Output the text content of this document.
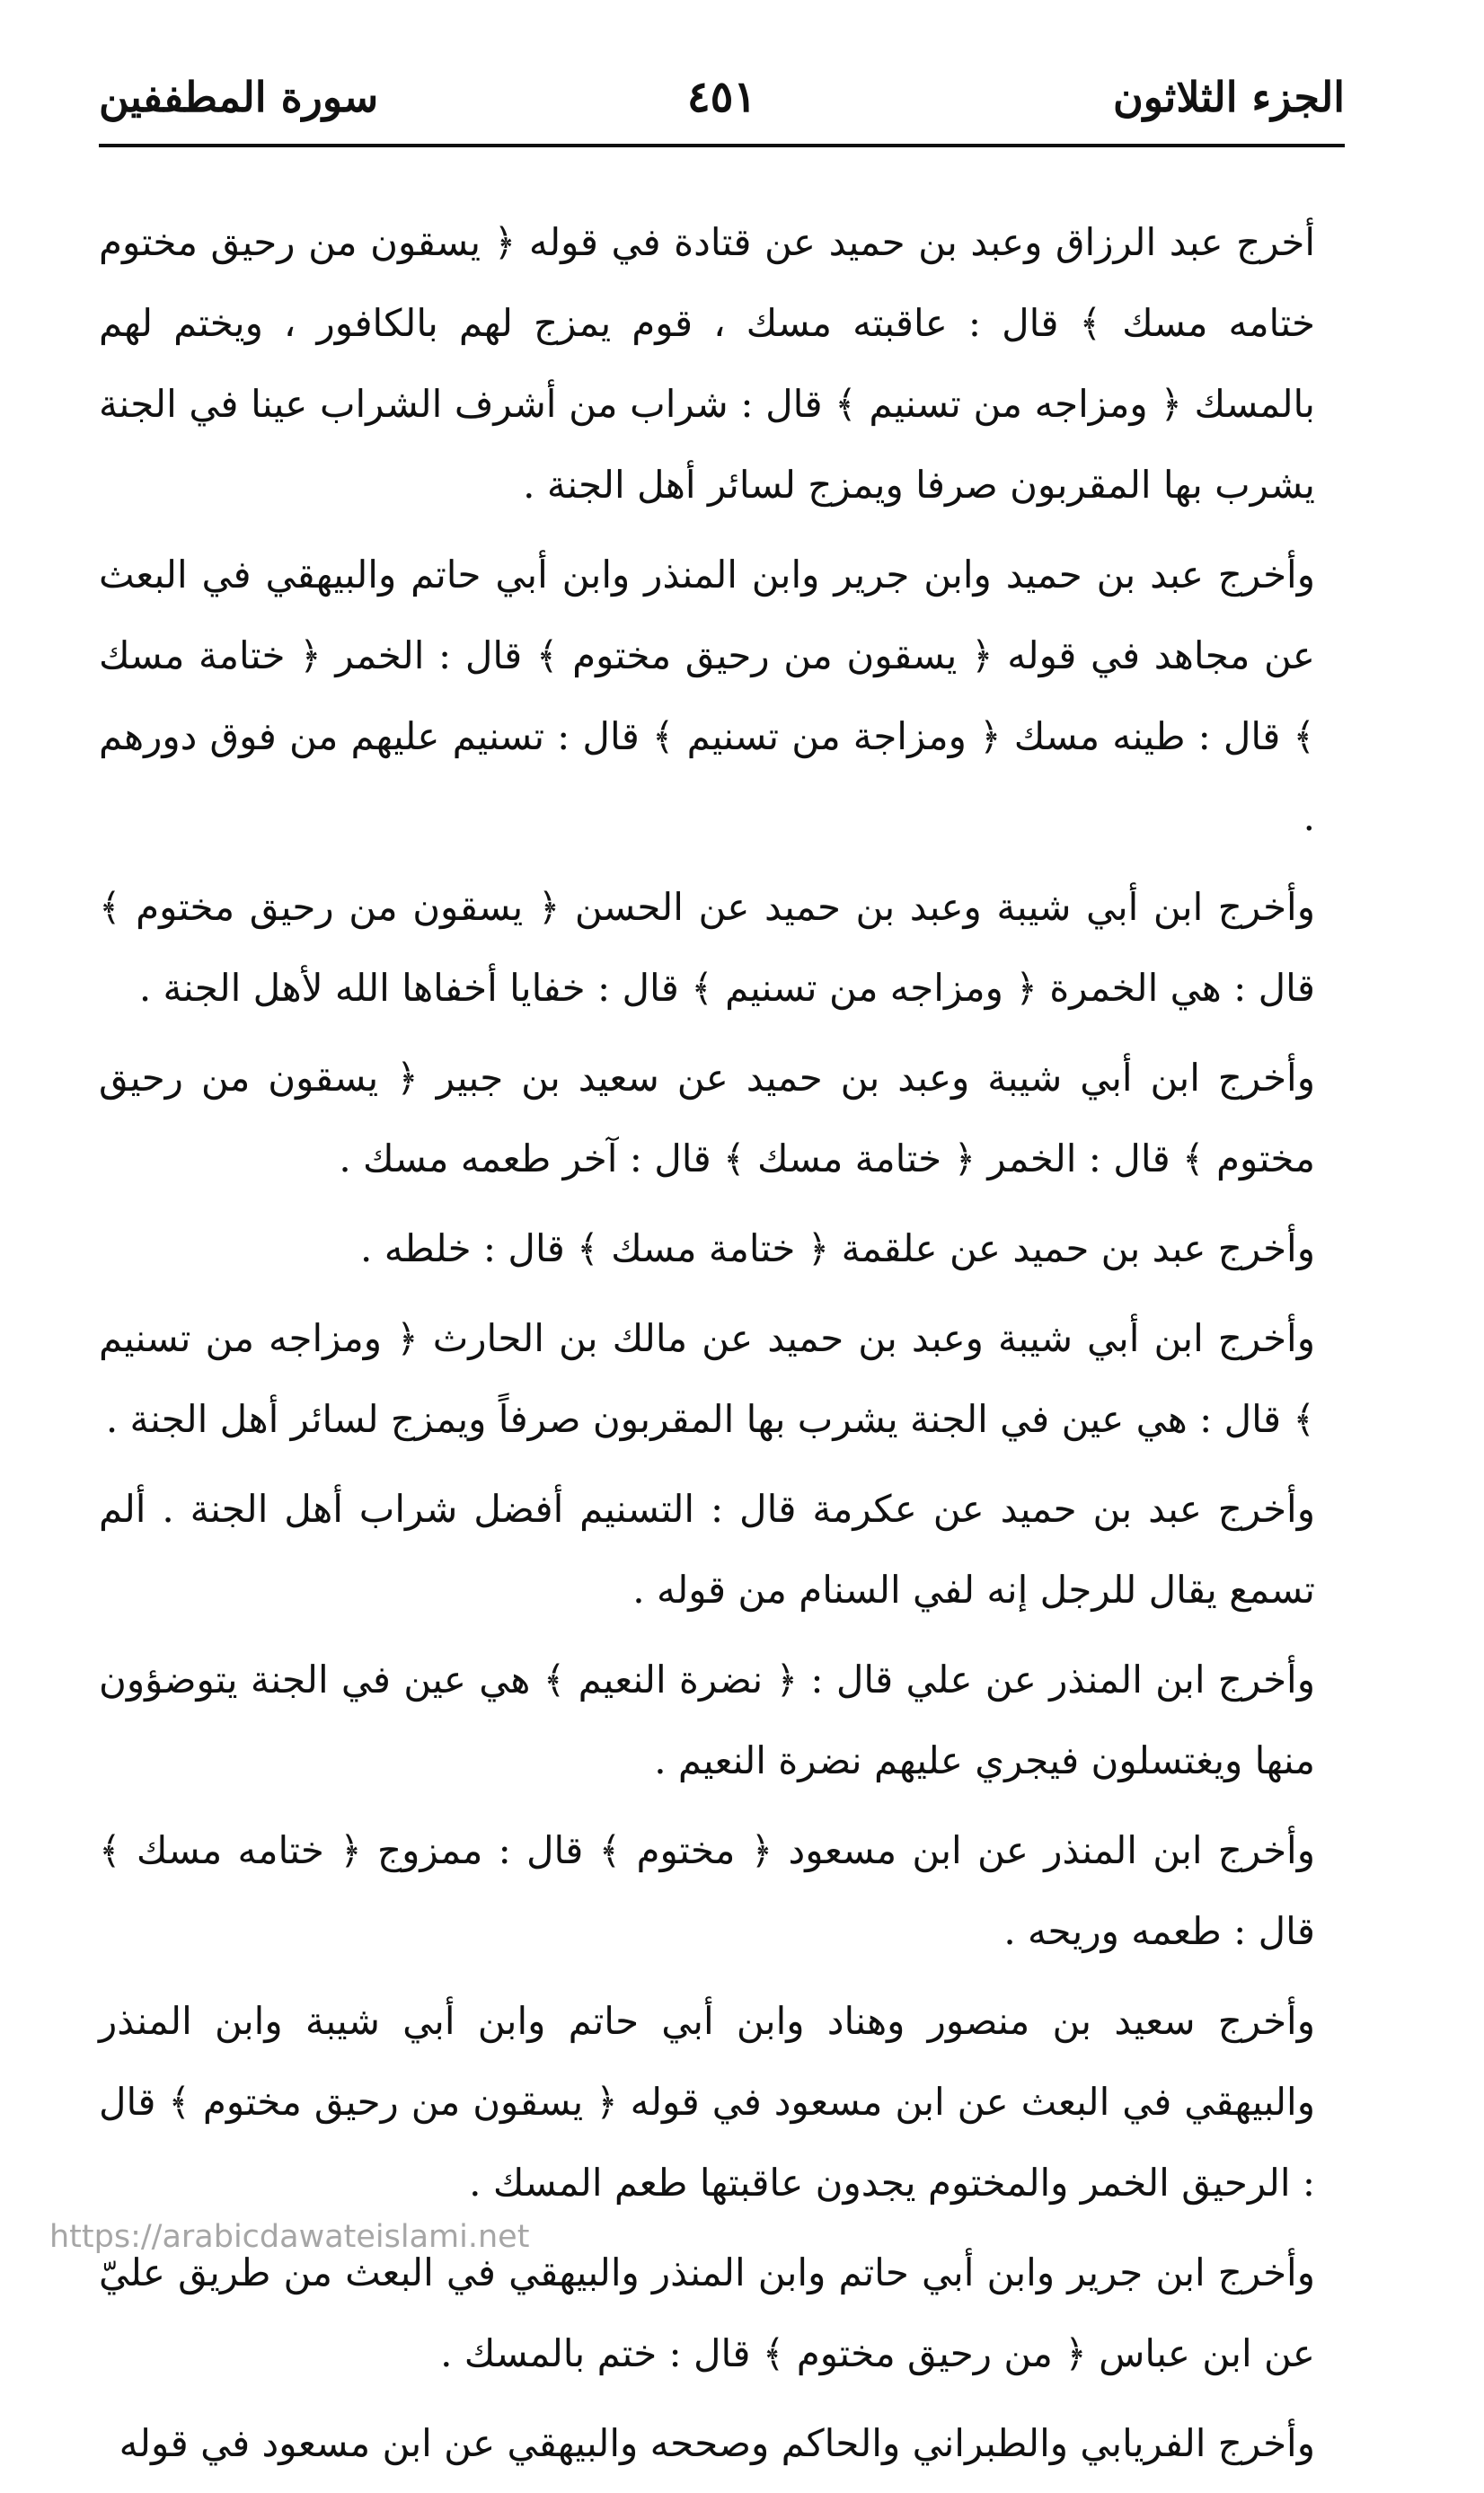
الجزء الثلاثون
٤٥١
سورة المطففين

أخرج عبد الرزاق وعبد بن حميد عن قتادة في قوله ﴿ يسقون من رحيق مختوم ختامه مسك ﴾ قال : عاقبته مسك ، قوم يمزج لهم بالكافور ، ويختم لهم بالمسك ﴿ ومزاجه من تسنيم ﴾ قال : شراب من أشرف الشراب عينا في الجنة يشرب بها المقربون صرفا ويمزج لسائر أهل الجنة .

وأخرج عبد بن حميد وابن جرير وابن المنذر وابن أبي حاتم والبيهقي في البعث عن مجاهد في قوله ﴿ يسقون من رحيق مختوم ﴾ قال : الخمر ﴿ ختامة مسك ﴾ قال : طينه مسك ﴿ ومزاجة من تسنيم ﴾ قال : تسنيم عليهم من فوق دورهم .

وأخرج ابن أبي شيبة وعبد بن حميد عن الحسن ﴿ يسقون من رحيق مختوم ﴾ قال : هي الخمرة ﴿ ومزاجه من تسنيم ﴾ قال : خفايا أخفاها الله لأهل الجنة .

وأخرج ابن أبي شيبة وعبد بن حميد عن سعيد بن جبير ﴿ يسقون من رحيق مختوم ﴾ قال : الخمر ﴿ ختامة مسك ﴾ قال : آخر طعمه مسك .

وأخرج عبد بن حميد عن علقمة ﴿ ختامة مسك ﴾ قال : خلطه .

وأخرج ابن أبي شيبة وعبد بن حميد عن مالك بن الحارث ﴿ ومزاجه من تسنيم ﴾ قال : هي عين في الجنة يشرب بها المقربون صرفاً ويمزج لسائر أهل الجنة .

وأخرج عبد بن حميد عن عكرمة قال : التسنيم أفضل شراب أهل الجنة . ألم تسمع يقال للرجل إنه لفي السنام من قوله .

وأخرج ابن المنذر عن علي قال : ﴿ نضرة النعيم ﴾ هي عين في الجنة يتوضؤون منها ويغتسلون فيجري عليهم نضرة النعيم .

وأخرج ابن المنذر عن ابن مسعود ﴿ مختوم ﴾ قال : ممزوج ﴿ ختامه مسك ﴾ قال : طعمه وريحه .

وأخرج سعيد بن منصور وهناد وابن أبي حاتم وابن أبي شيبة وابن المنذر والبيهقي في البعث عن ابن مسعود في قوله ﴿ يسقون من رحيق مختوم ﴾ قال : الرحيق الخمر والمختوم يجدون عاقبتها طعم المسك .

وأخرج ابن جرير وابن أبي حاتم وابن المنذر والبيهقي في البعث من طريق عليّ عن ابن عباس ﴿ من رحيق مختوم ﴾ قال : ختم بالمسك .

وأخرج الفريابي والطبراني والحاكم وصححه والبيهقي عن ابن مسعود في قوله

https://arabicdawateislami.net
